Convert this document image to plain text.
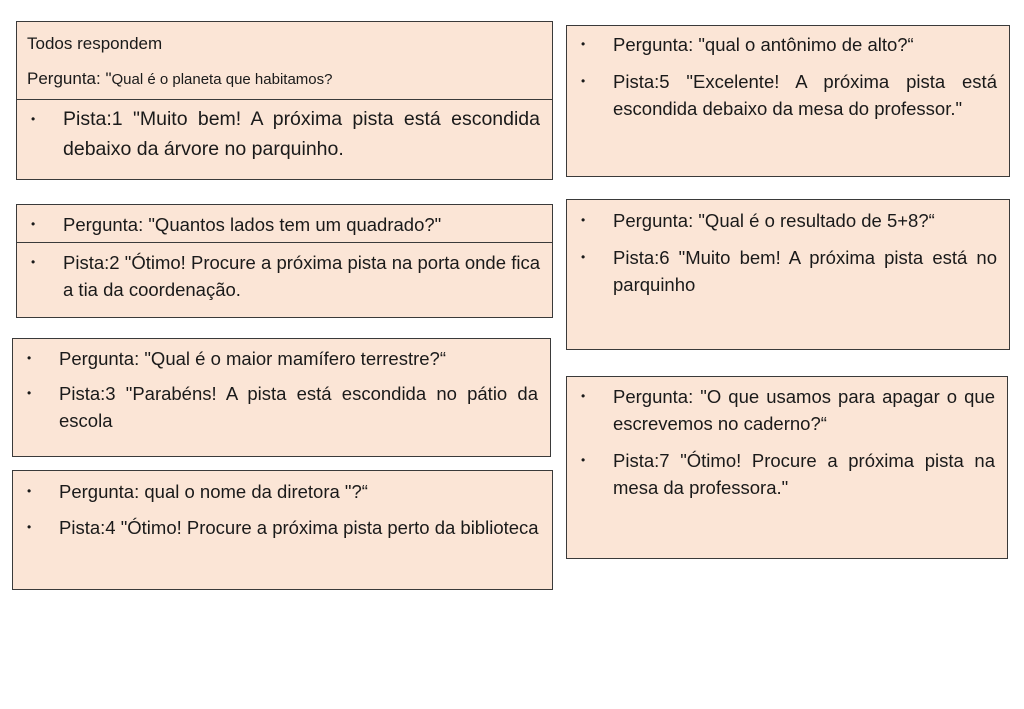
Todos respondem

Pergunta: "Qual é o planeta que habitamos?

• Pista:1 "Muito bem! A próxima pista está escondida debaixo da árvore no parquinho.

• Pergunta: "Quantos lados tem um quadrado?"

• Pista:2 "Ótimo! Procure a próxima pista na porta onde fica a tia da coordenação.

• Pergunta: "Qual é o maior mamífero terrestre?“

• Pista:3 "Parabéns! A pista está escondida no pátio da escola

• Pergunta: qual o nome da diretora "?“

• Pista:4 "Ótimo! Procure a próxima pista perto da biblioteca

• Pergunta: "qual o antônimo de alto?“

• Pista:5 "Excelente! A próxima pista está escondida debaixo da mesa do professor."

• Pergunta: "Qual é o resultado de 5+8?“

• Pista:6 "Muito bem! A próxima pista está no parquinho

• Pergunta: "O que usamos para apagar o que escrevemos no caderno?“

• Pista:7 "Ótimo! Procure a próxima pista na mesa da professora."
